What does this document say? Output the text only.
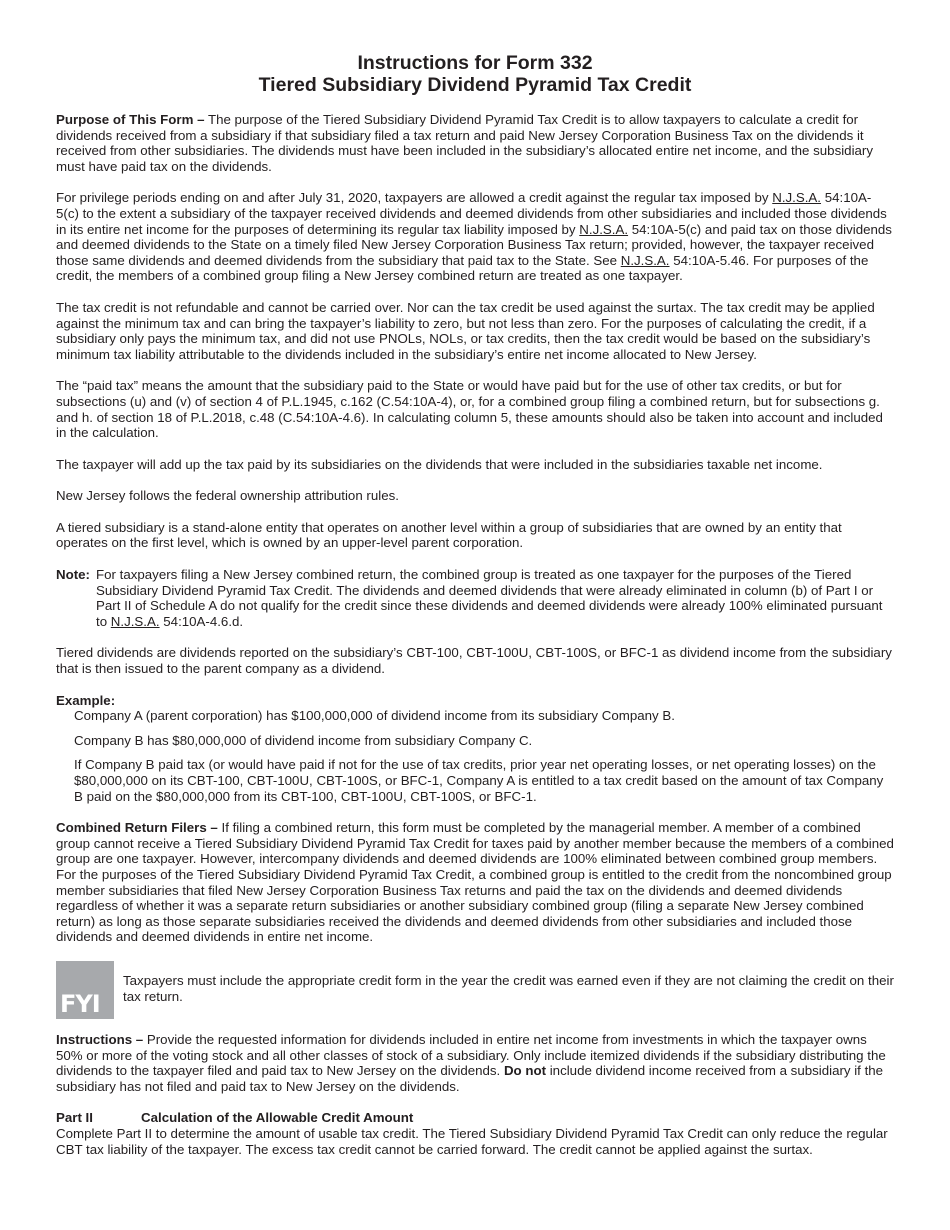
Instructions for Form 332
Tiered Subsidiary Dividend Pyramid Tax Credit

Purpose of This Form – The purpose of the Tiered Subsidiary Dividend Pyramid Tax Credit is to allow taxpayers to calculate a credit for dividends received from a subsidiary if that subsidiary filed a tax return and paid New Jersey Corporation Business Tax on the dividends it received from other subsidiaries. The dividends must have been included in the subsidiary’s allocated entire net income, and the subsidiary must have paid tax on the dividends.

For privilege periods ending on and after July 31, 2020, taxpayers are allowed a credit against the regular tax imposed by N.J.S.A. 54:10A-5(c) to the extent a subsidiary of the taxpayer received dividends and deemed dividends from other subsidiaries and included those dividends in its entire net income for the purposes of determining its regular tax liability imposed by N.J.S.A. 54:10A-5(c) and paid tax on those dividends and deemed dividends to the State on a timely filed New Jersey Corporation Business Tax return; provided, however, the taxpayer received those same dividends and deemed dividends from the subsidiary that paid tax to the State. See N.J.S.A. 54:10A-5.46. For purposes of the credit, the members of a combined group filing a New Jersey combined return are treated as one taxpayer.

The tax credit is not refundable and cannot be carried over. Nor can the tax credit be used against the surtax. The tax credit may be applied against the minimum tax and can bring the taxpayer’s liability to zero, but not less than zero. For the purposes of calculating the credit, if a subsidiary only pays the minimum tax, and did not use PNOLs, NOLs, or tax credits, then the tax credit would be based on the subsidiary’s minimum tax liability attributable to the dividends included in the subsidiary’s entire net income allocated to New Jersey.

The “paid tax” means the amount that the subsidiary paid to the State or would have paid but for the use of other tax credits, or but for subsections (u) and (v) of section 4 of P.L.1945, c.162 (C.54:10A-4), or, for a combined group filing a combined return, but for subsections g. and h. of section 18 of P.L.2018, c.48 (C.54:10A-4.6). In calculating column 5, these amounts should also be taken into account and included in the calculation.

The taxpayer will add up the tax paid by its subsidiaries on the dividends that were included in the subsidiaries taxable net income.

New Jersey follows the federal ownership attribution rules.

A tiered subsidiary is a stand-alone entity that operates on another level within a group of subsidiaries that are owned by an entity that operates on the first level, which is owned by an upper-level parent corporation.

Note: For taxpayers filing a New Jersey combined return, the combined group is treated as one taxpayer for the purposes of the Tiered Subsidiary Dividend Pyramid Tax Credit. The dividends and deemed dividends that were already eliminated in column (b) of Part I or Part II of Schedule A do not qualify for the credit since these dividends and deemed dividends were already 100% eliminated pursuant to N.J.S.A. 54:10A-4.6.d.

Tiered dividends are dividends reported on the subsidiary’s CBT-100, CBT-100U, CBT-100S, or BFC-1 as dividend income from the subsidiary that is then issued to the parent company as a dividend.

Example:

Company A (parent corporation) has $100,000,000 of dividend income from its subsidiary Company B.

Company B has $80,000,000 of dividend income from subsidiary Company C.

If Company B paid tax (or would have paid if not for the use of tax credits, prior year net operating losses, or net operating losses) on the $80,000,000 on its CBT-100, CBT-100U, CBT-100S, or BFC-1, Company A is entitled to a tax credit based on the amount of tax Company B paid on the $80,000,000 from its CBT-100, CBT-100U, CBT-100S, or BFC-1.

Combined Return Filers – If filing a combined return, this form must be completed by the managerial member. A member of a combined group cannot receive a Tiered Subsidiary Dividend Pyramid Tax Credit for taxes paid by another member because the members of a combined group are one taxpayer. However, intercompany dividends and deemed dividends are 100% eliminated between combined group members. For the purposes of the Tiered Subsidiary Dividend Pyramid Tax Credit, a combined group is entitled to the credit from the noncombined group member subsidiaries that filed New Jersey Corporation Business Tax returns and paid the tax on the dividends and deemed dividends regardless of whether it was a separate return subsidiaries or another subsidiary combined group (filing a separate New Jersey combined return) as long as those separate subsidiaries received the dividends and deemed dividends from other subsidiaries and included those dividends and deemed dividends in entire net income.

FYI
Taxpayers must include the appropriate credit form in the year the credit was earned even if they are not claiming the credit on their tax return.

Instructions – Provide the requested information for dividends included in entire net income from investments in which the taxpayer owns 50% or more of the voting stock and all other classes of stock of a subsidiary. Only include itemized dividends if the subsidiary distributing the dividends to the taxpayer filed and paid tax to New Jersey on the dividends. Do not include dividend income received from a subsidiary if the subsidiary has not filed and paid tax to New Jersey on the dividends.

Part II	Calculation of the Allowable Credit Amount

Complete Part II to determine the amount of usable tax credit. The Tiered Subsidiary Dividend Pyramid Tax Credit can only reduce the regular CBT tax liability of the taxpayer. The excess tax credit cannot be carried forward. The credit cannot be applied against the surtax.
